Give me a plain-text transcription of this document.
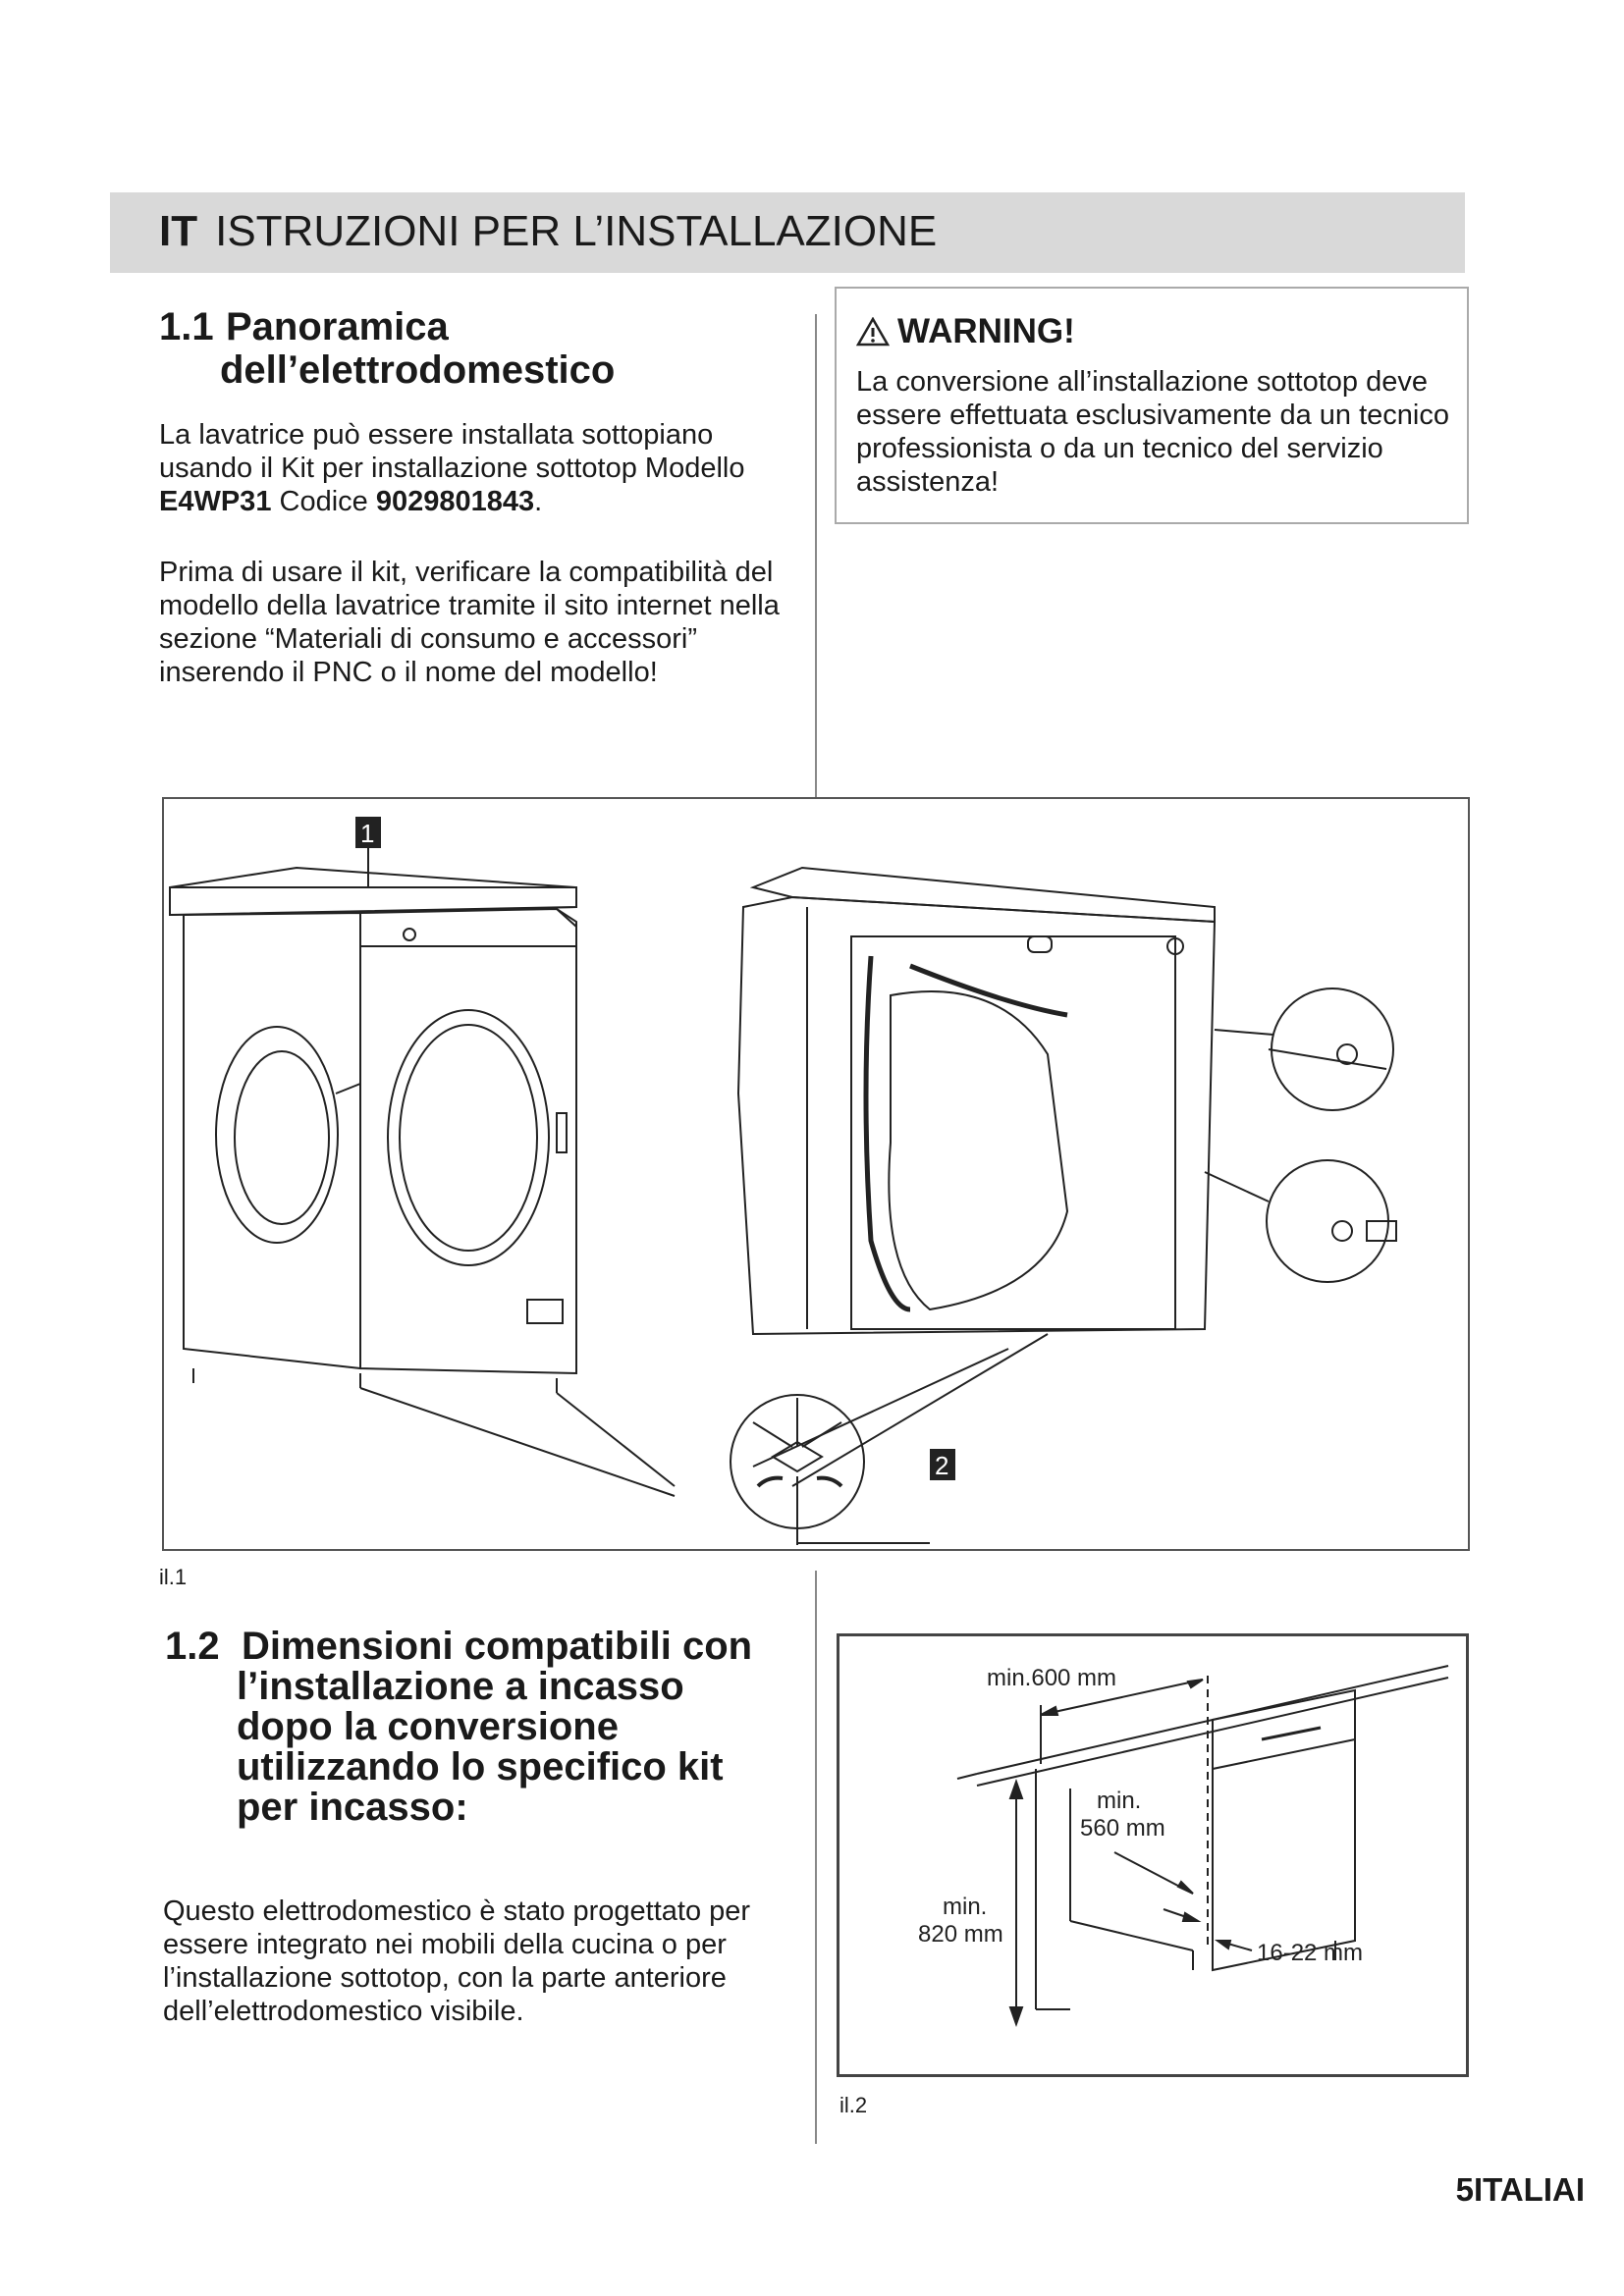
IT ISTRUZIONI PER L’INSTALLAZIONE
1.1 Panoramica
dell’elettrodomestico
La lavatrice può essere installata sottopiano usando il Kit per installazione sottotop Modello E4WP31 Codice 9029801843.
Prima di usare il kit, verificare la compatibilità del modello della lavatrice tramite il sito internet nella sezione “Materiali di consumo e accessori” inserendo il PNC o il nome del modello!
WARNING!
La conversione all’installazione sottotop deve essere effettuata esclusivamente da un tecnico professionista o da un tecnico del servizio assistenza!
1
2
il.1
1.2 Dimensioni compatibili con
l’installazione a incasso
dopo la conversione
utilizzando lo specifico kit
per incasso:
Questo elettrodomestico è stato progettato per essere integrato nei mobili della cucina o per l’installazione sottotop, con la parte anteriore dell’elettrodomestico visibile.
min.600 mm
min.
560 mm
min.
820 mm
16-22 mm
il.2
5ITALIAI
